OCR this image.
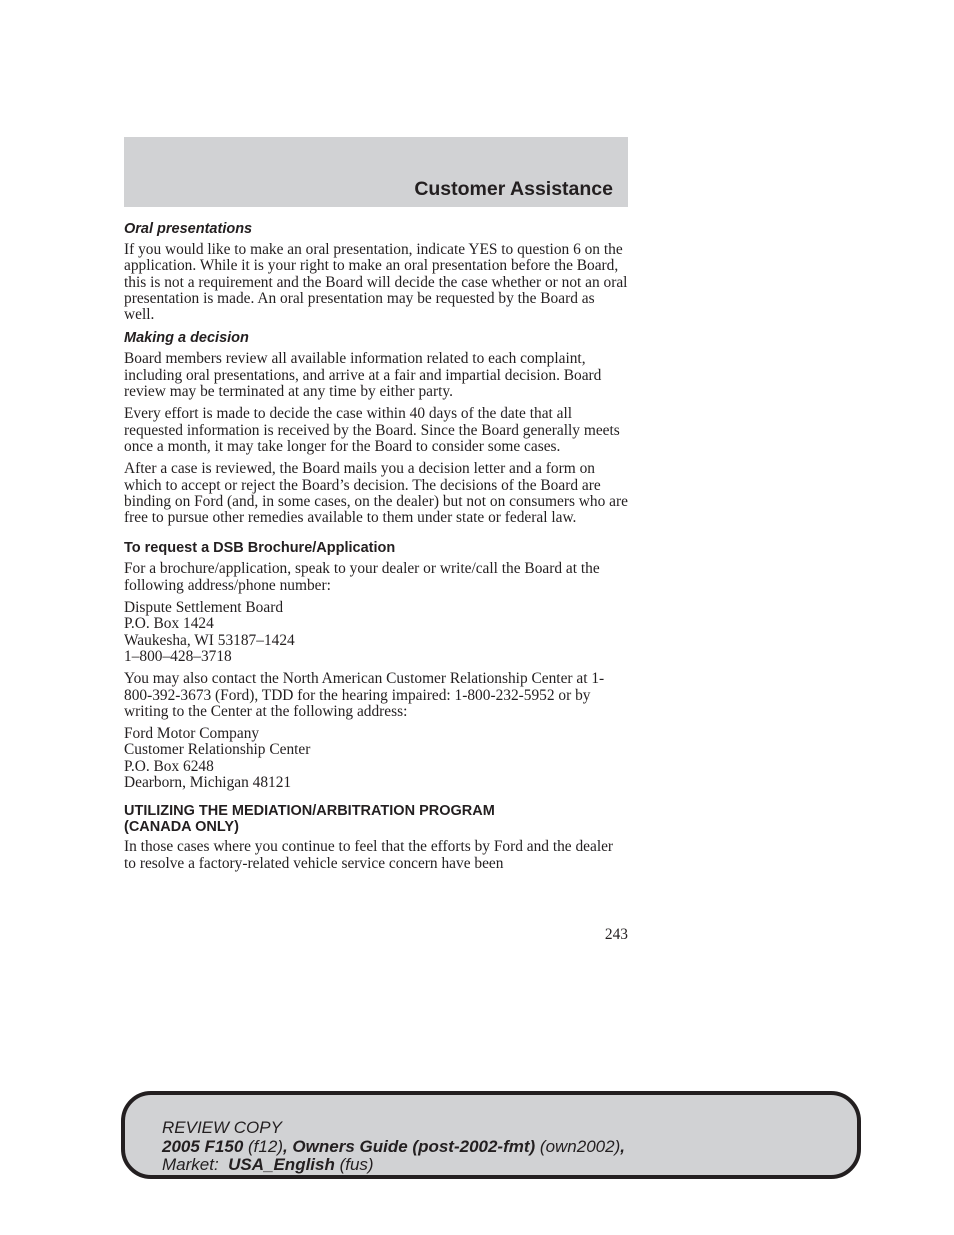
Customer Assistance
Oral presentations

If you would like to make an oral presentation, indicate YES to question 6 on the application. While it is your right to make an oral presentation before the Board, this is not a requirement and the Board will decide the case whether or not an oral presentation is made. An oral presentation may be requested by the Board as well.

Making a decision

Board members review all available information related to each complaint, including oral presentations, and arrive at a fair and impartial decision. Board review may be terminated at any time by either party.

Every effort is made to decide the case within 40 days of the date that all requested information is received by the Board. Since the Board generally meets once a month, it may take longer for the Board to consider some cases.

After a case is reviewed, the Board mails you a decision letter and a form on which to accept or reject the Board’s decision. The decisions of the Board are binding on Ford (and, in some cases, on the dealer) but not on consumers who are free to pursue other remedies available to them under state or federal law.

To request a DSB Brochure/Application

For a brochure/application, speak to your dealer or write/call the Board at the following address/phone number:

Dispute Settlement Board
P.O. Box 1424
Waukesha, WI 53187–1424
1–800–428–3718

You may also contact the North American Customer Relationship Center at 1-800-392-3673 (Ford), TDD for the hearing impaired: 1-800-232-5952 or by writing to the Center at the following address:

Ford Motor Company
Customer Relationship Center
P.O. Box 6248
Dearborn, Michigan 48121
UTILIZING THE MEDIATION/ARBITRATION PROGRAM
(CANADA ONLY)

In those cases where you continue to feel that the efforts by Ford and the dealer to resolve a factory-related vehicle service concern have been

243
REVIEW COPY
2005 F150 (f12), Owners Guide (post-2002-fmt) (own2002),
Market:  USA_English (fus)
